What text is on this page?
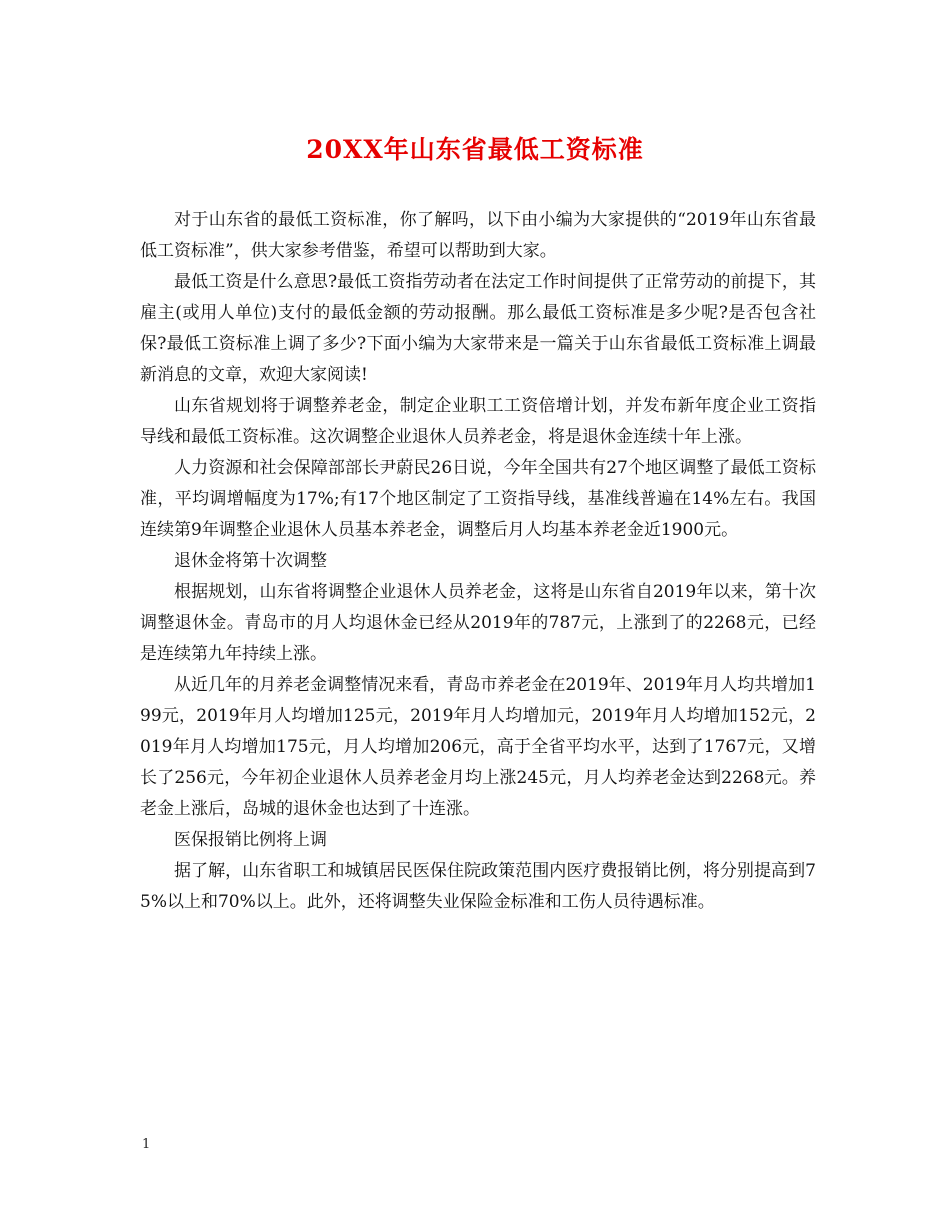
20XX年山东省最低工资标准

对于山东省的最低工资标准，你了解吗，以下由小编为大家提供的“2019年山东省最低工资标准”，供大家参考借鉴，希望可以帮助到大家。

最低工资是什么意思?最低工资指劳动者在法定工作时间提供了正常劳动的前提下，其雇主(或用人单位)支付的最低金额的劳动报酬。那么最低工资标准是多少呢?是否包含社保?最低工资标准上调了多少?下面小编为大家带来是一篇关于山东省最低工资标准上调最新消息的文章，欢迎大家阅读!

山东省规划将于调整养老金，制定企业职工工资倍增计划，并发布新年度企业工资指导线和最低工资标准。这次调整企业退休人员养老金，将是退休金连续十年上涨。

人力资源和社会保障部部长尹蔚民26日说，今年全国共有27个地区调整了最低工资标准，平均调增幅度为17%;有17个地区制定了工资指导线，基准线普遍在14%左右。我国连续第9年调整企业退休人员基本养老金，调整后月人均基本养老金近1900元。

退休金将第十次调整

根据规划，山东省将调整企业退休人员养老金，这将是山东省自2019年以来，第十次调整退休金。青岛市的月人均退休金已经从2019年的787元，上涨到了的2268元，已经是连续第九年持续上涨。

从近几年的月养老金调整情况来看，青岛市养老金在2019年、2019年月人均共增加199元，2019年月人均增加125元，2019年月人均增加元，2019年月人均增加152元，2019年月人均增加175元，月人均增加206元，高于全省平均水平，达到了1767元，又增长了256元，今年初企业退休人员养老金月均上涨245元，月人均养老金达到2268元。养老金上涨后，岛城的退休金也达到了十连涨。

医保报销比例将上调

据了解，山东省职工和城镇居民医保住院政策范围内医疗费报销比例，将分别提高到75%以上和70%以上。此外，还将调整失业保险金标准和工伤人员待遇标准。

1
